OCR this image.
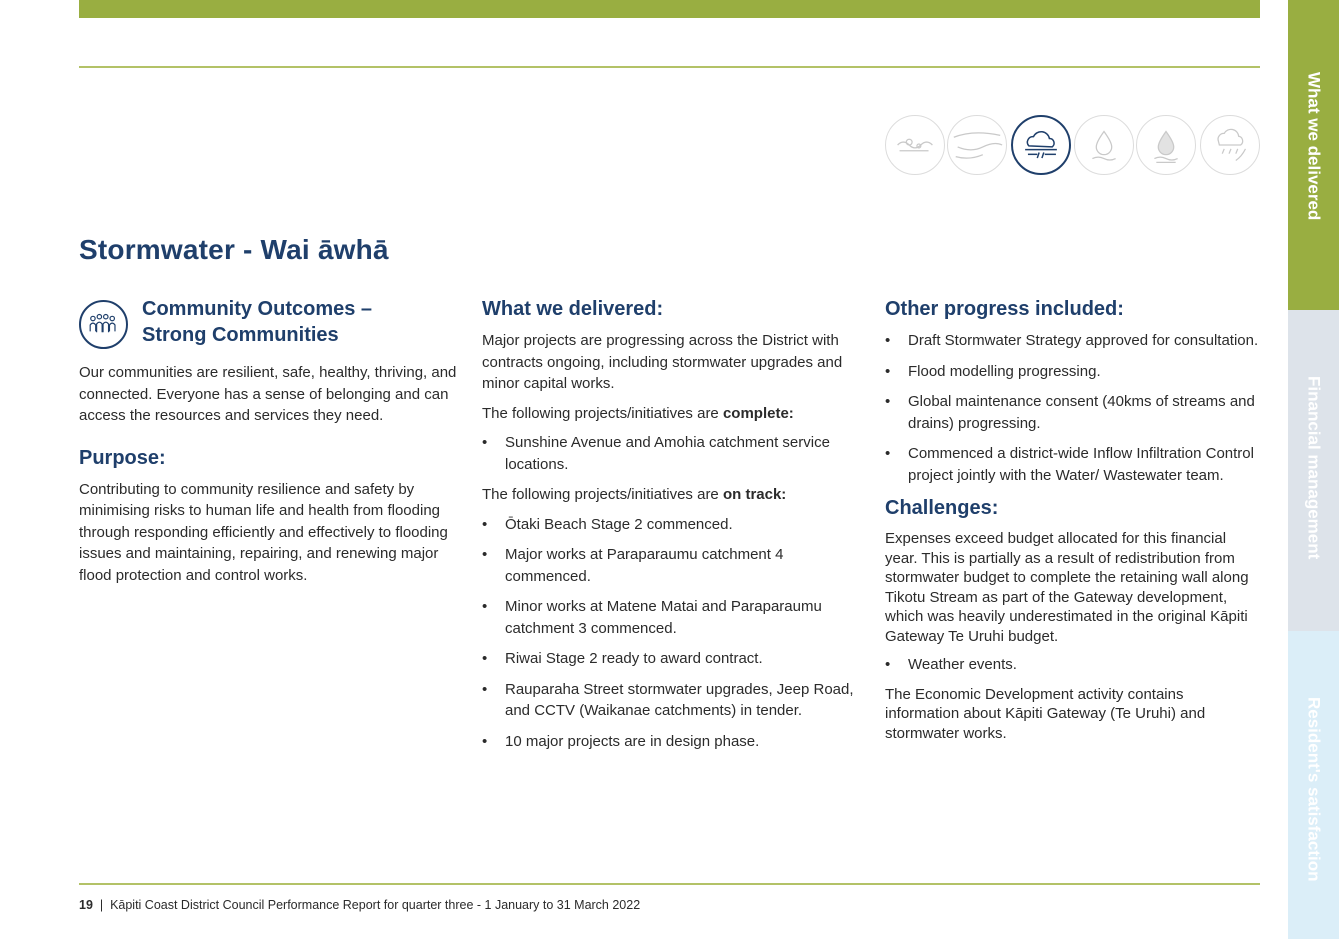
Stormwater - Wai āwhā
Community Outcomes –
Strong Communities

Our communities are resilient, safe, healthy, thriving, and connected. Everyone has a sense of belonging and can access the resources and services they need.

Purpose:

Contributing to community resilience and safety by minimising risks to human life and health from flooding through responding efficiently and effectively to flooding issues and maintaining, repairing, and renewing major flood protection and control works.

What we delivered:

Major projects are progressing across the District with contracts ongoing, including stormwater upgrades and minor capital works.

The following projects/initiatives are complete:

• Sunshine Avenue and Amohia catchment service locations.

The following projects/initiatives are on track:

• Ōtaki Beach Stage 2 commenced.
• Major works at Paraparaumu catchment 4 commenced.
• Minor works at Matene Matai and Paraparaumu catchment 3 commenced.
• Riwai Stage 2 ready to award contract.
• Rauparaha Street stormwater upgrades, Jeep Road, and CCTV (Waikanae catchments) in tender.
• 10 major projects are in design phase.
Other progress included:
• Draft Stormwater Strategy approved for consultation.
• Flood modelling progressing.
• Global maintenance consent (40kms of streams and drains) progressing.
• Commenced a district-wide Inflow Infiltration Control project jointly with the Water/ Wastewater team.
Challenges:

Expenses exceed budget allocated for this financial year. This is partially as a result of redistribution from stormwater budget to complete the retaining wall along Tikotu Stream as part of the Gateway development, which was heavily underestimated in the original Kāpiti Gateway Te Uruhi budget.

• Weather events.

The Economic Development activity contains information about Kāpiti Gateway (Te Uruhi) and stormwater works.

19 | Kāpiti Coast District Council Performance Report for quarter three - 1 January to 31 March 2022
What we delivered
Financial management
Resident's satisfaction
